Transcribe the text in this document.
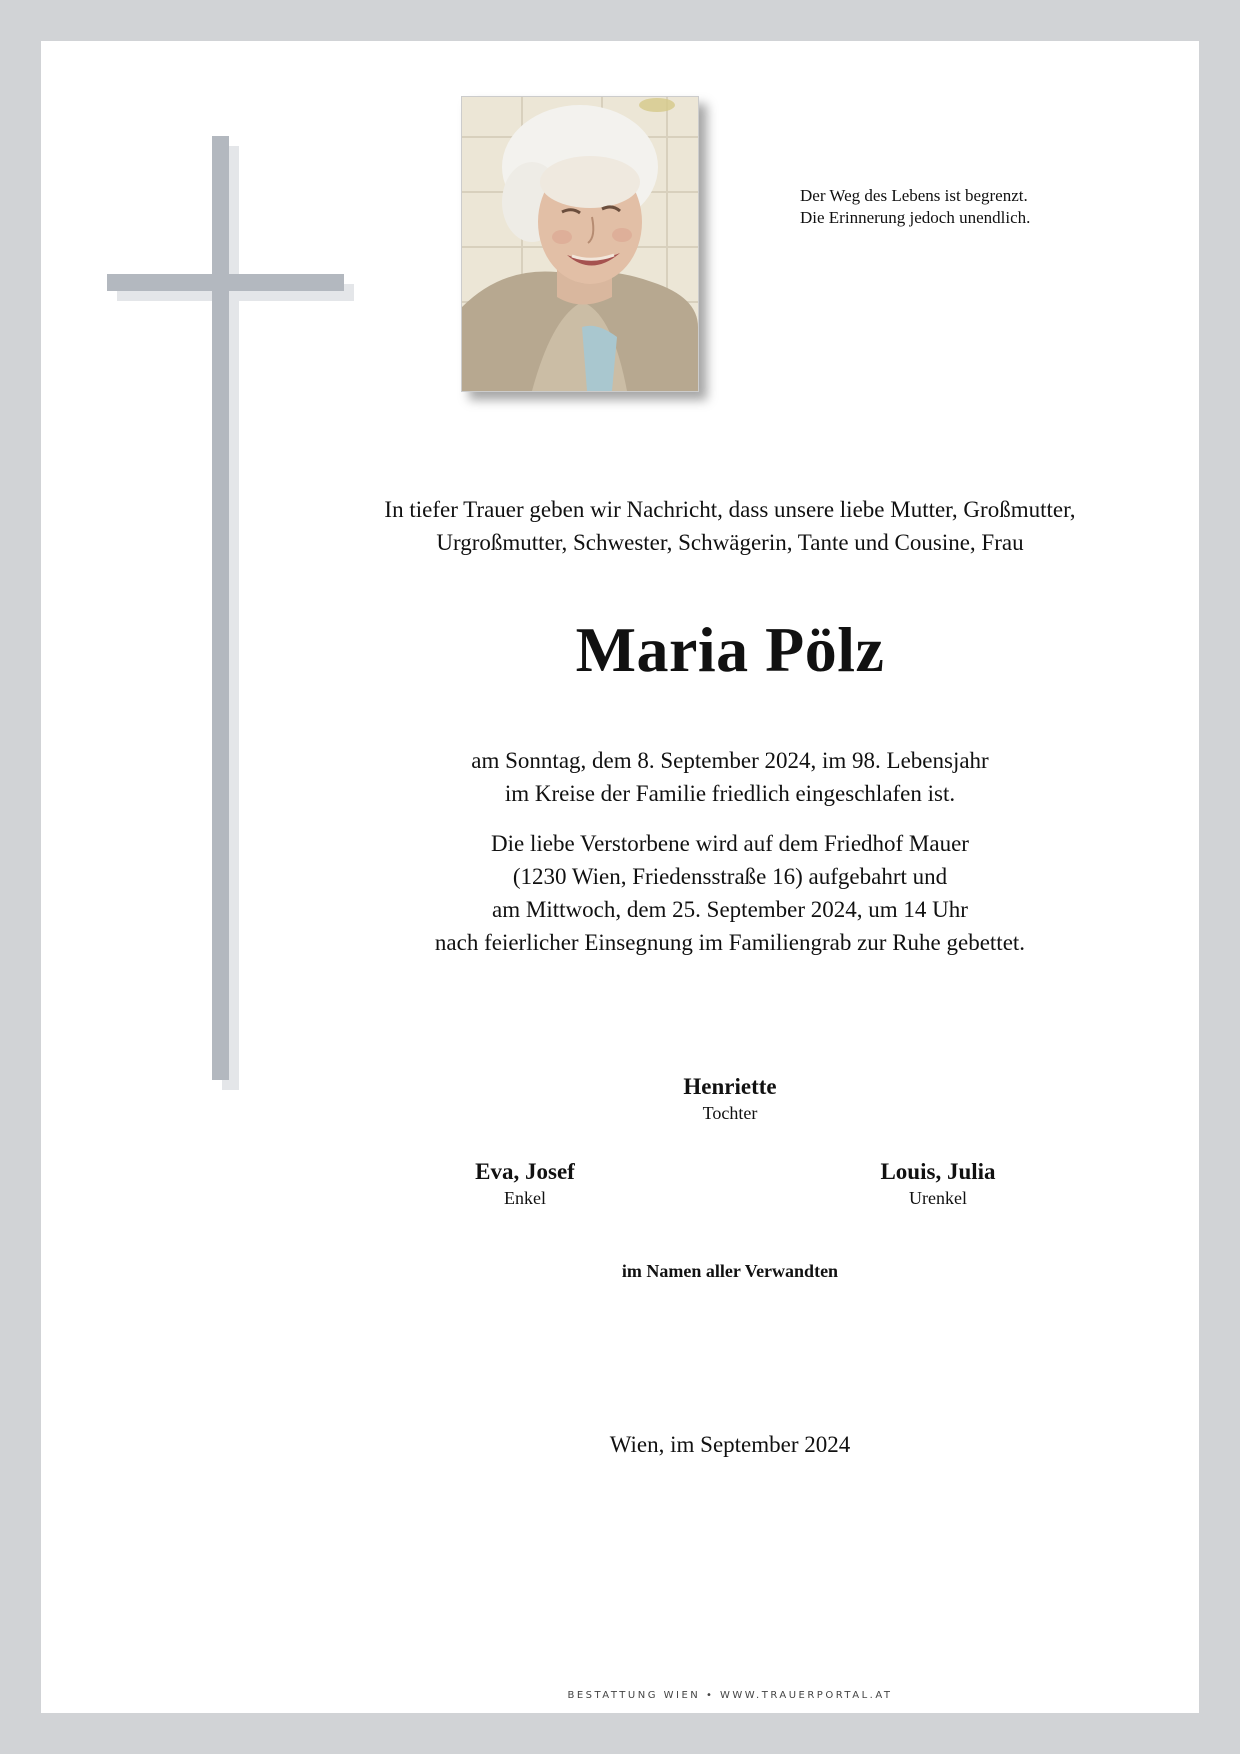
Der Weg des Lebens ist begrenzt.
Die Erinnerung jedoch unendlich.
In tiefer Trauer geben wir Nachricht, dass unsere liebe Mutter, Großmutter,
Urgroßmutter, Schwester, Schwägerin, Tante und Cousine, Frau
Maria Pölz
am Sonntag, dem 8. September 2024, im 98. Lebensjahr
im Kreise der Familie friedlich eingeschlafen ist.
Die liebe Verstorbene wird auf dem Friedhof Mauer
(1230 Wien, Friedensstraße 16) aufgebahrt und
am Mittwoch, dem 25. September 2024, um 14 Uhr
nach feierlicher Einsegnung im Familiengrab zur Ruhe gebettet.
Henriette
Tochter
Eva, Josef
Enkel
Louis, Julia
Urenkel
im Namen aller Verwandten
Wien, im September 2024
BESTATTUNG WIEN • WWW.TRAUERPORTAL.AT
